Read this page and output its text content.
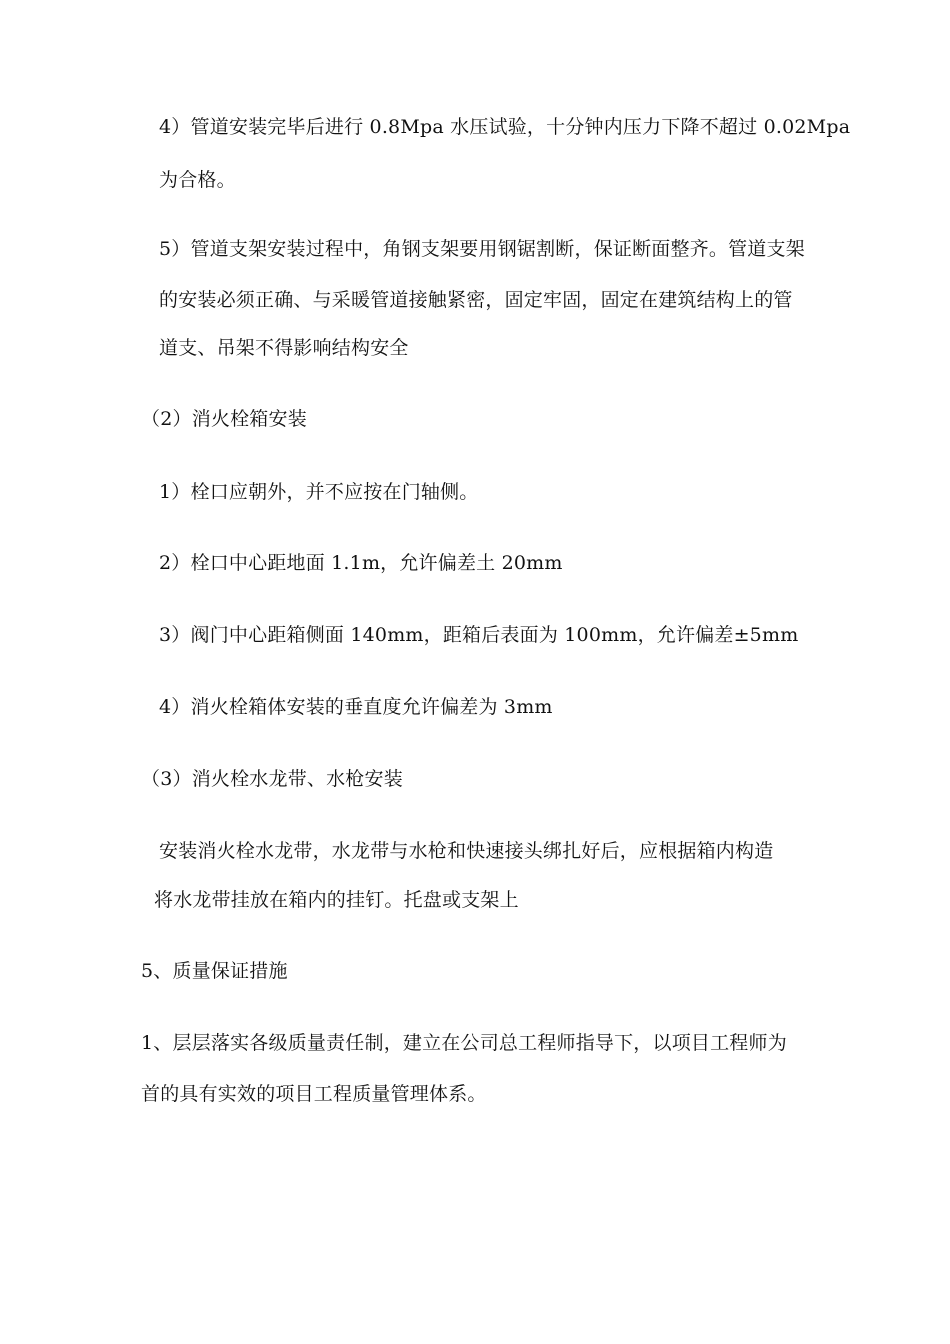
4）管道安装完毕后进行 0.8Mpa 水压试验，十分钟内压力下降不超过 0.02Mpa
为合格。
5）管道支架安装过程中，角钢支架要用钢锯割断，保证断面整齐。管道支架
的安装必须正确、与采暖管道接触紧密，固定牢固，固定在建筑结构上的管
道支、吊架不得影响结构安全
（2）消火栓箱安装
1）栓口应朝外，并不应按在门轴侧。
2）栓口中心距地面 1.1m，允许偏差土 20mm
3）阀门中心距箱侧面 140mm，距箱后表面为 100mm，允许偏差±5mm
4）消火栓箱体安装的垂直度允许偏差为 3mm
（3）消火栓水龙带、水枪安装
安装消火栓水龙带，水龙带与水枪和快速接头绑扎好后，应根据箱内构造
将水龙带挂放在箱内的挂钉。托盘或支架上
5、质量保证措施
1、层层落实各级质量责任制，建立在公司总工程师指导下，以项目工程师为
首的具有实效的项目工程质量管理体系。
